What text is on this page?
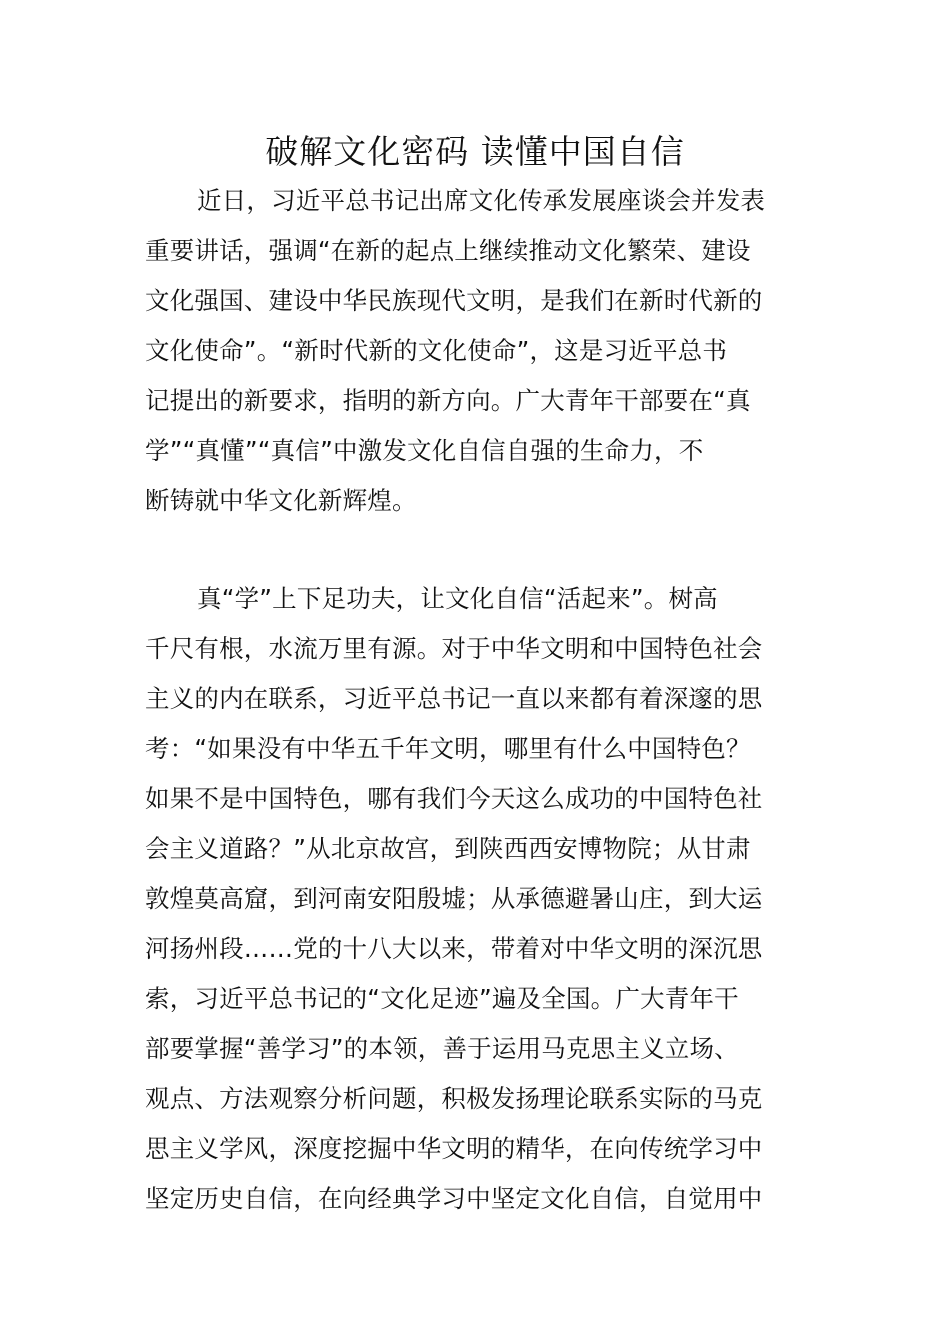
破解文化密码 读懂中国自信
近日，习近平总书记出席文化传承发展座谈会并发表
重要讲话，强调“在新的起点上继续推动文化繁荣、建设
文化强国、建设中华民族现代文明，是我们在新时代新的
文化使命”。“新时代新的文化使命”，这是习近平总书
记提出的新要求，指明的新方向。广大青年干部要在“真
学”“真懂”“真信”中激发文化自信自强的生命力，不
断铸就中华文化新辉煌。
真“学”上下足功夫，让文化自信“活起来”。树高
千尺有根，水流万里有源。对于中华文明和中国特色社会
主义的内在联系，习近平总书记一直以来都有着深邃的思
考：“如果没有中华五千年文明，哪里有什么中国特色？
如果不是中国特色，哪有我们今天这么成功的中国特色社
会主义道路？”从北京故宫，到陕西西安博物院；从甘肃
敦煌莫高窟，到河南安阳殷墟；从承德避暑山庄，到大运
河扬州段……党的十八大以来，带着对中华文明的深沉思
索，习近平总书记的“文化足迹”遍及全国。广大青年干
部要掌握“善学习”的本领，善于运用马克思主义立场、
观点、方法观察分析问题，积极发扬理论联系实际的马克
思主义学风，深度挖掘中华文明的精华，在向传统学习中
坚定历史自信，在向经典学习中坚定文化自信，自觉用中
